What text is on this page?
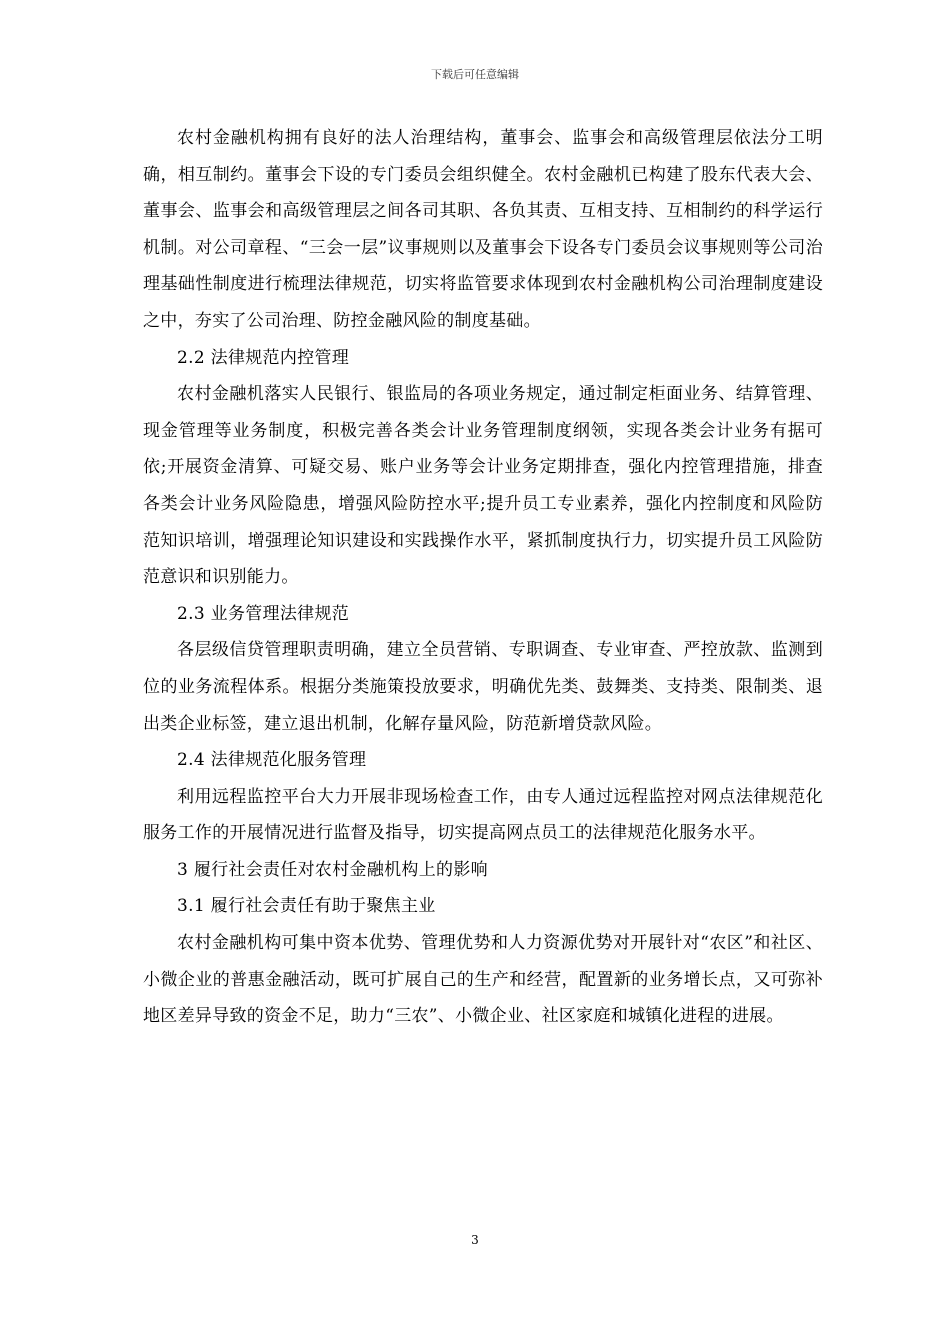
下载后可任意编辑

农村金融机构拥有良好的法人治理结构，董事会、监事会和高级管理层依法分工明确，相互制约。董事会下设的专门委员会组织健全。农村金融机已构建了股东代表大会、董事会、监事会和高级管理层之间各司其职、各负其责、互相支持、互相制约的科学运行机制。对公司章程、“三会一层”议事规则以及董事会下设各专门委员会议事规则等公司治理基础性制度进行梳理法律规范，切实将监管要求体现到农村金融机构公司治理制度建设之中，夯实了公司治理、防控金融风险的制度基础。

2.2 法律规范内控管理

农村金融机落实人民银行、银监局的各项业务规定，通过制定柜面业务、结算管理、现金管理等业务制度，积极完善各类会计业务管理制度纲领，实现各类会计业务有据可依;开展资金清算、可疑交易、账户业务等会计业务定期排查，强化内控管理措施，排查各类会计业务风险隐患，增强风险防控水平;提升员工专业素养，强化内控制度和风险防范知识培训，增强理论知识建设和实践操作水平，紧抓制度执行力，切实提升员工风险防范意识和识别能力。

2.3 业务管理法律规范

各层级信贷管理职责明确，建立全员营销、专职调查、专业审查、严控放款、监测到位的业务流程体系。根据分类施策投放要求，明确优先类、鼓舞类、支持类、限制类、退出类企业标签，建立退出机制，化解存量风险，防范新增贷款风险。

2.4 法律规范化服务管理

利用远程监控平台大力开展非现场检查工作，由专人通过远程监控对网点法律规范化服务工作的开展情况进行监督及指导，切实提高网点员工的法律规范化服务水平。

3 履行社会责任对农村金融机构上的影响

3.1 履行社会责任有助于聚焦主业

农村金融机构可集中资本优势、管理优势和人力资源优势对开展针对“农区”和社区、小微企业的普惠金融活动，既可扩展自己的生产和经营，配置新的业务增长点，又可弥补地区差异导致的资金不足，助力“三农”、小微企业、社区家庭和城镇化进程的进展。

3
